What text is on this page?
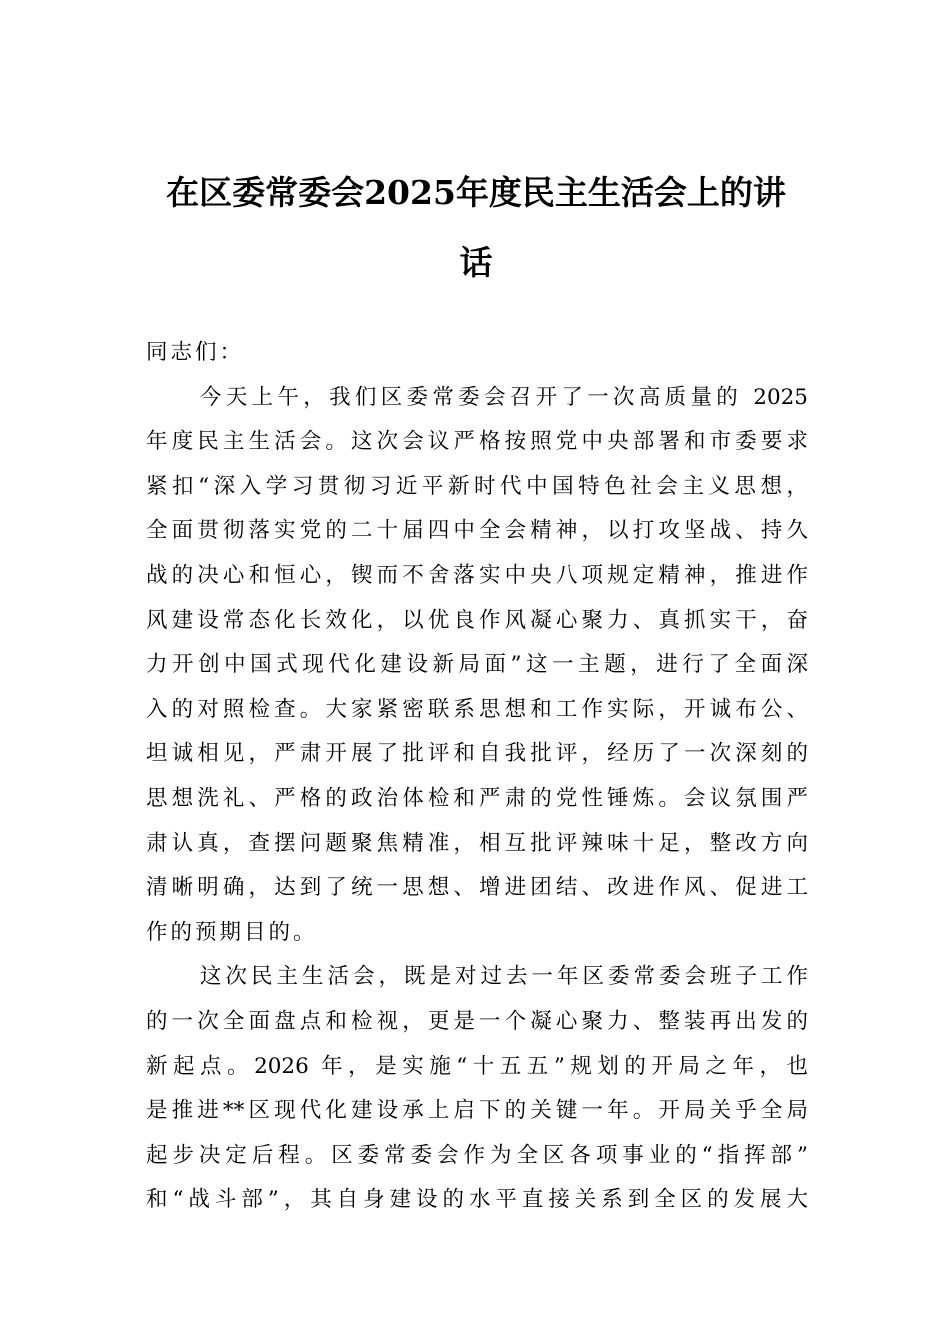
在区委常委会2025年度民主生活会上的讲
话
同志们：
今天上午，我们区委常委会召开了一次高质量的 2025
年度民主生活会。这次会议严格按照党中央部署和市委要求
紧扣“深入学习贯彻习近平新时代中国特色社会主义思想，
全面贯彻落实党的二十届四中全会精神，以打攻坚战、持久
战的决心和恒心，锲而不舍落实中央八项规定精神，推进作
风建设常态化长效化，以优良作风凝心聚力、真抓实干，奋
力开创中国式现代化建设新局面”这一主题，进行了全面深
入的对照检查。大家紧密联系思想和工作实际，开诚布公、
坦诚相见，严肃开展了批评和自我批评，经历了一次深刻的
思想洗礼、严格的政治体检和严肃的党性锤炼。会议氛围严
肃认真，查摆问题聚焦精准，相互批评辣味十足，整改方向
清晰明确，达到了统一思想、增进团结、改进作风、促进工
作的预期目的。
这次民主生活会，既是对过去一年区委常委会班子工作
的一次全面盘点和检视，更是一个凝心聚力、整装再出发的
新起点。2026 年，是实施“十五五”规划的开局之年，也
是推进**区现代化建设承上启下的关键一年。开局关乎全局
起步决定后程。区委常委会作为全区各项事业的“指挥部”
和“战斗部”，其自身建设的水平直接关系到全区的发展大
